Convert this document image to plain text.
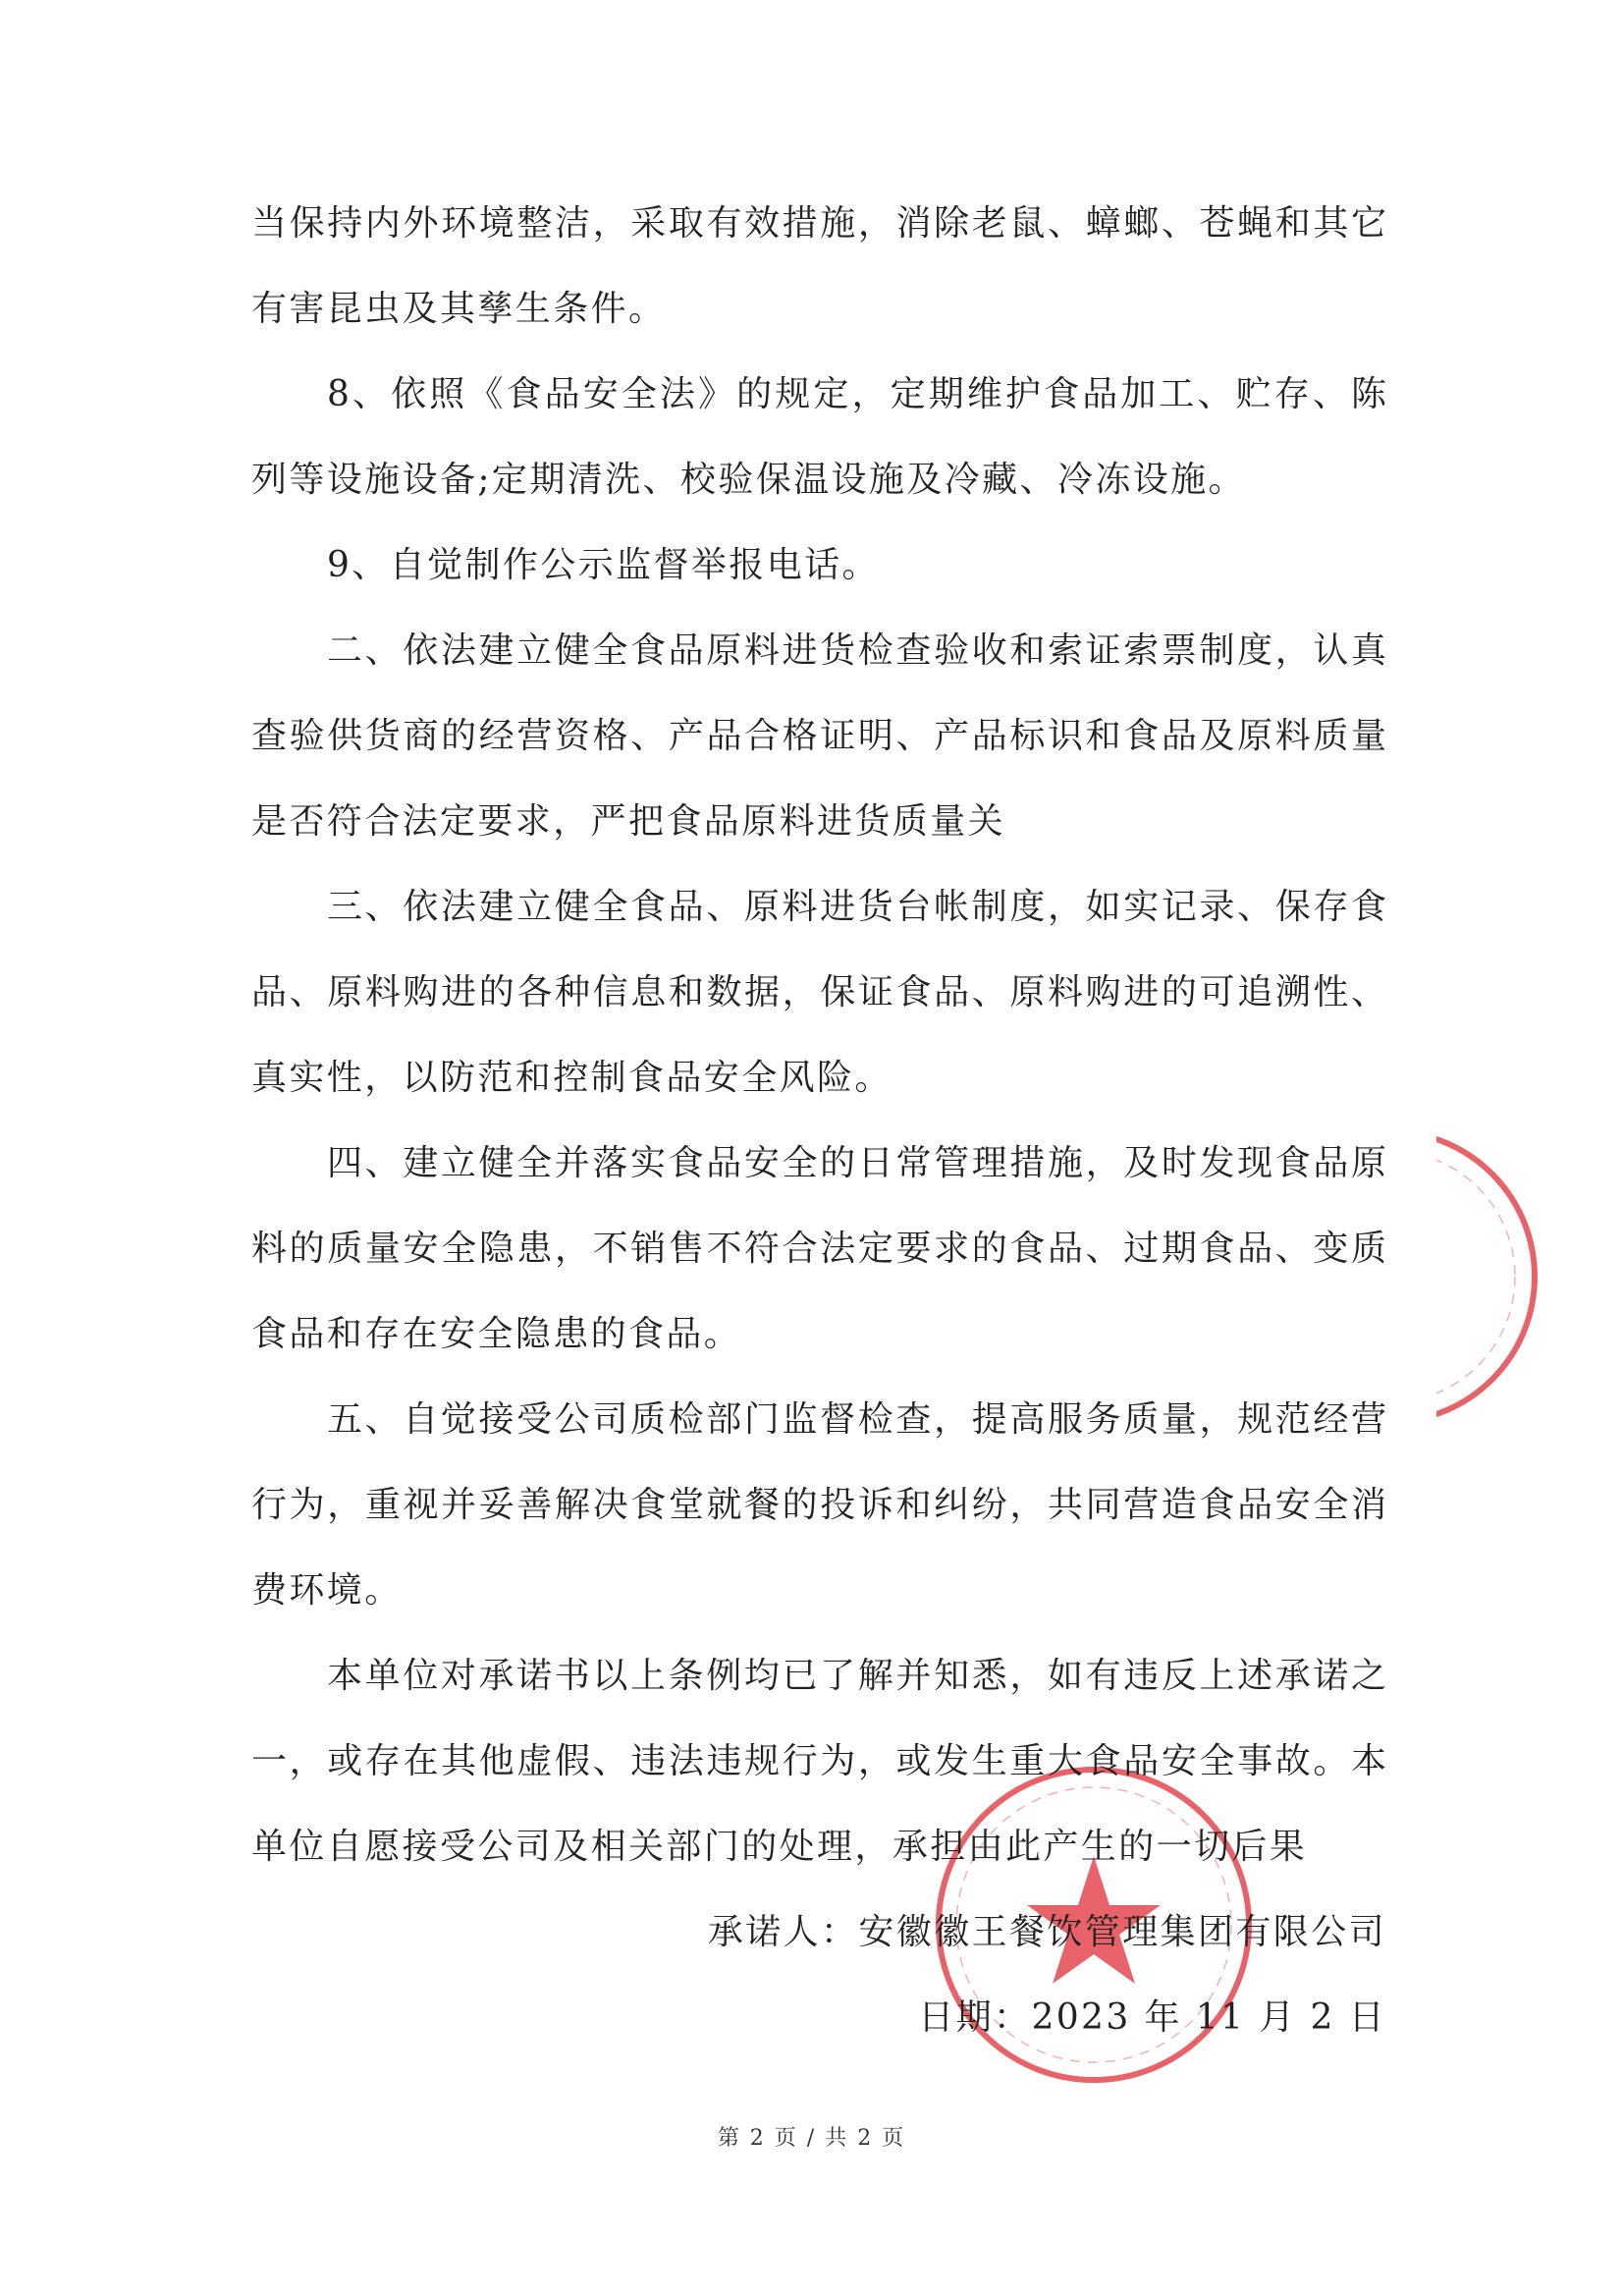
当保持内外环境整洁，采取有效措施，消除老鼠、蟑螂、苍蝇和其它
有害昆虫及其孳生条件。
8、依照《食品安全法》的规定，定期维护食品加工、贮存、陈
列等设施设备;定期清洗、校验保温设施及冷藏、冷冻设施。
9、自觉制作公示监督举报电话。
二、依法建立健全食品原料进货检查验收和索证索票制度，认真
查验供货商的经营资格、产品合格证明、产品标识和食品及原料质量
是否符合法定要求，严把食品原料进货质量关
三、依法建立健全食品、原料进货台帐制度，如实记录、保存食
品、原料购进的各种信息和数据，保证食品、原料购进的可追溯性、
真实性，以防范和控制食品安全风险。
四、建立健全并落实食品安全的日常管理措施，及时发现食品原
料的质量安全隐患，不销售不符合法定要求的食品、过期食品、变质
食品和存在安全隐患的食品。
五、自觉接受公司质检部门监督检查，提高服务质量，规范经营
行为，重视并妥善解决食堂就餐的投诉和纠纷，共同营造食品安全消
费环境。
本单位对承诺书以上条例均已了解并知悉，如有违反上述承诺之
一，或存在其他虚假、违法违规行为，或发生重大食品安全事故。本
单位自愿接受公司及相关部门的处理，承担由此产生的一切后果
承诺人：安徽徽王餐饮管理集团有限公司
日期：2023 年 11 月 2 日
第 2 页 / 共 2 页
